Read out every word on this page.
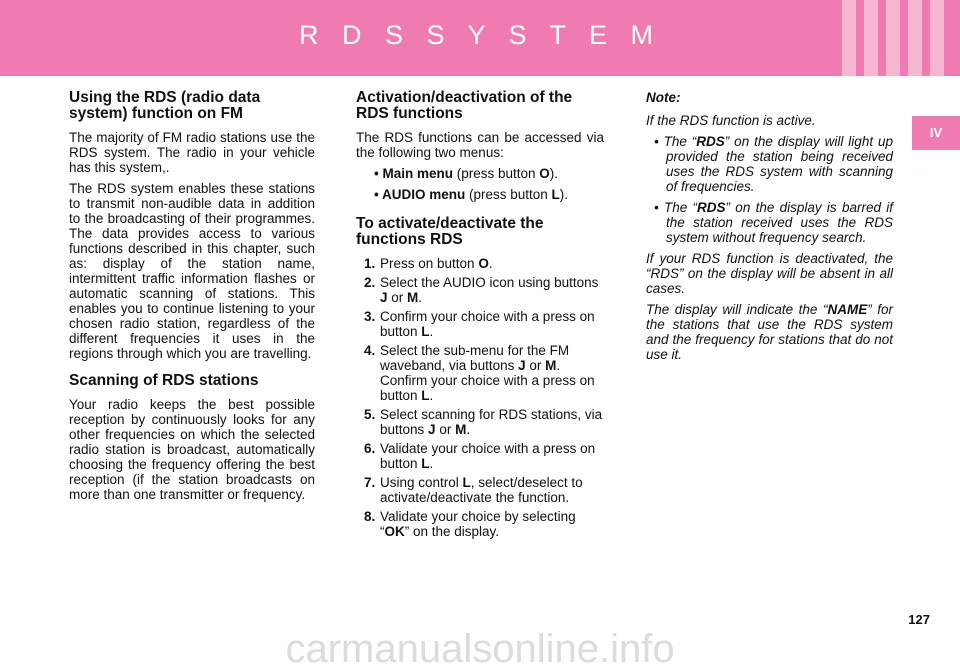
R D S S Y S T E M
IV
Using the RDS (radio data system) function on FM

The majority of FM radio stations use the RDS system. The radio in your vehicle has this system,.

The RDS system enables these stations to transmit non-audible data in addition to the broadcasting of their programmes. The data provides access to various functions described in this chapter, such as: display of the station name, intermittent traffic information flashes or automatic scanning of stations. This enables you to continue listening to your chosen radio station, regardless of the different frequencies it uses in the regions through which you are travelling.

Scanning of RDS stations

Your radio keeps the best possible reception by continuously looks for any other frequencies on which the selected radio station is broadcast, automatically choosing the frequency offering the best reception (if the station broadcasts on more than one transmitter or frequency.

Activation/deactivation of the RDS functions

The RDS functions can be accessed via the following two menus:

• Main menu (press button O).
• AUDIO menu (press button L).
To activate/deactivate the functions RDS
1. Press on button O.
2. Select the AUDIO icon using buttons J or M.
3. Confirm your choice with a press on button L.
4. Select the sub-menu for the FM waveband, via buttons J or M. Confirm your choice with a press on button L.
5. Select scanning for RDS stations, via buttons J or M.
6. Validate your choice with a press on button L.
7. Using control L, select/deselect to activate/deactivate the function.
8. Validate your choice by selecting “OK” on the display.

Note:

If the RDS function is active.

• The “RDS” on the display will light up provided the station being received uses the RDS system with scanning of frequencies.
• The “RDS” on the display is barred if the station received uses the RDS system without frequency search.

If your RDS function is deactivated, the “RDS” on the display will be absent in all cases.

The display will indicate the “NAME” for the stations that use the RDS system and the frequency for stations that do not use it.

127
carmanualsonline.info
